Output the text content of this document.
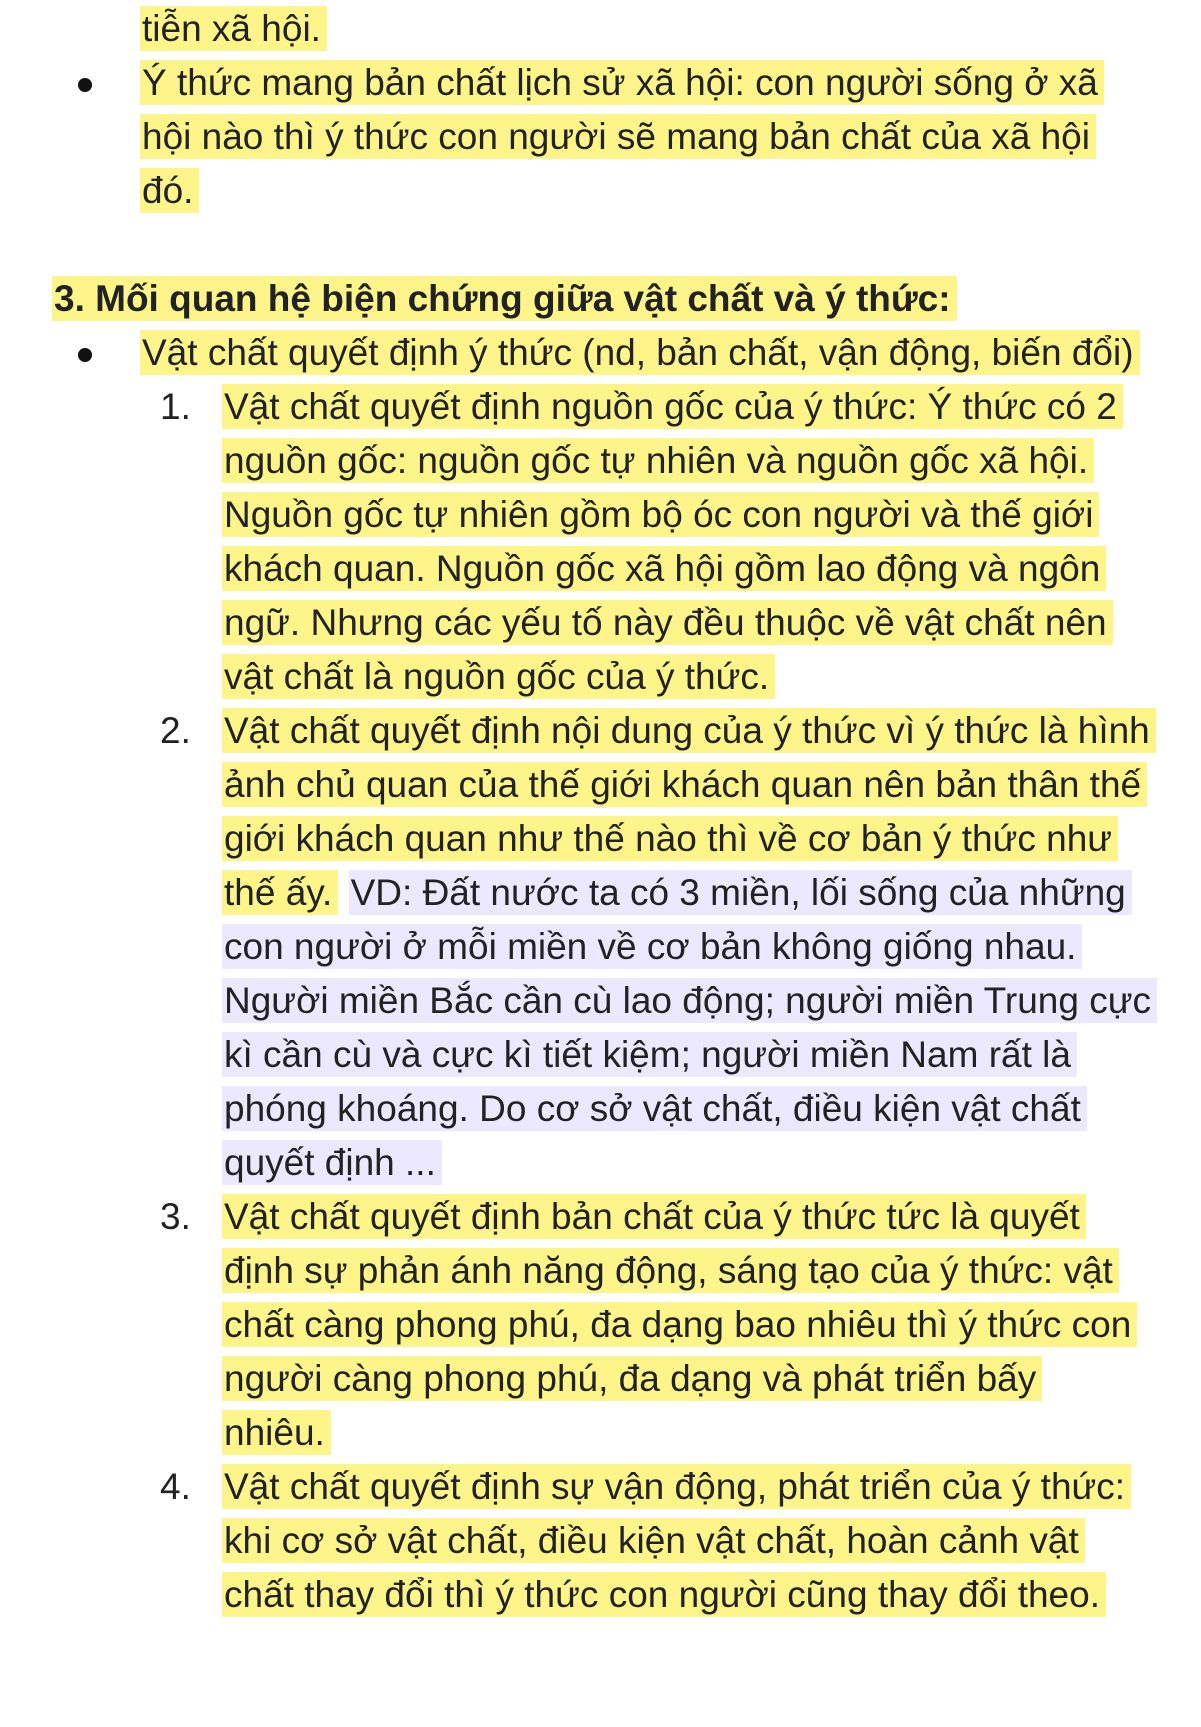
tiễn xã hội.
Ý thức mang bản chất lịch sử xã hội: con người sống ở xã hội nào thì ý thức con người sẽ mang bản chất của xã hội đó.
3. Mối quan hệ biện chứng giữa vật chất và ý thức:
Vật chất quyết định ý thức (nd, bản chất, vận động, biến đổi)
1. Vật chất quyết định nguồn gốc của ý thức: Ý thức có 2 nguồn gốc: nguồn gốc tự nhiên và nguồn gốc xã hội. Nguồn gốc tự nhiên gồm bộ óc con người và thế giới khách quan. Nguồn gốc xã hội gồm lao động và ngôn ngữ. Nhưng các yếu tố này đều thuộc về vật chất nên vật chất là nguồn gốc của ý thức.
2. Vật chất quyết định nội dung của ý thức vì ý thức là hình ảnh chủ quan của thế giới khách quan nên bản thân thế giới khách quan như thế nào thì về cơ bản ý thức như thế ấy. VD: Đất nước ta có 3 miền, lối sống của những con người ở mỗi miền về cơ bản không giống nhau. Người miền Bắc cần cù lao động; người miền Trung cực kì cần cù và cực kì tiết kiệm; người miền Nam rất là phóng khoáng. Do cơ sở vật chất, điều kiện vật chất quyết định ...
3. Vật chất quyết định bản chất của ý thức tức là quyết định sự phản ánh năng động, sáng tạo của ý thức: vật chất càng phong phú, đa dạng bao nhiêu thì ý thức con người càng phong phú, đa dạng và phát triển bấy nhiêu.
4. Vật chất quyết định sự vận động, phát triển của ý thức: khi cơ sở vật chất, điều kiện vật chất, hoàn cảnh vật chất thay đổi thì ý thức con người cũng thay đổi theo.
